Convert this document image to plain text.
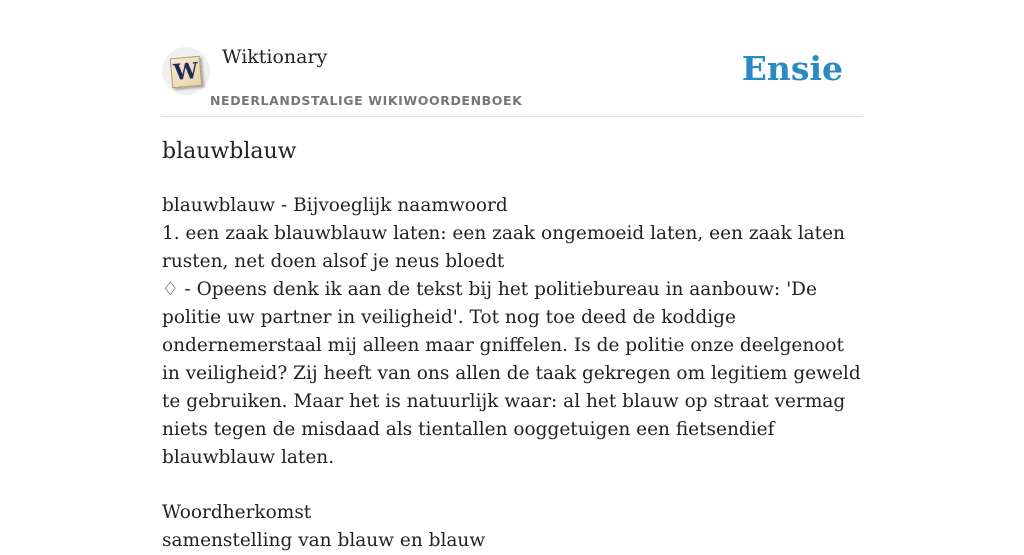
W
Wiktionary
NEDERLANDSTALIGE WIKIWOORDENBOEK
Ensie
blauwblauw

blauwblauw - Bijvoeglijk naamwoord

1. een zaak blauwblauw laten: een zaak ongemoeid laten, een zaak laten rusten, net doen alsof je neus bloedt

♢ - Opeens denk ik aan de tekst bij het politiebureau in aanbouw: 'De politie uw partner in veiligheid'. Tot nog toe deed de koddige ondernemerstaal mij alleen maar gniffelen. Is de politie onze deelgenoot in veiligheid? Zij heeft van ons allen de taak gekregen om legitiem geweld te gebruiken. Maar het is natuurlijk waar: al het blauw op straat vermag niets tegen de misdaad als tientallen ooggetuigen een fietsendief blauwblauw laten.

Woordherkomst

samenstelling van blauw en blauw
